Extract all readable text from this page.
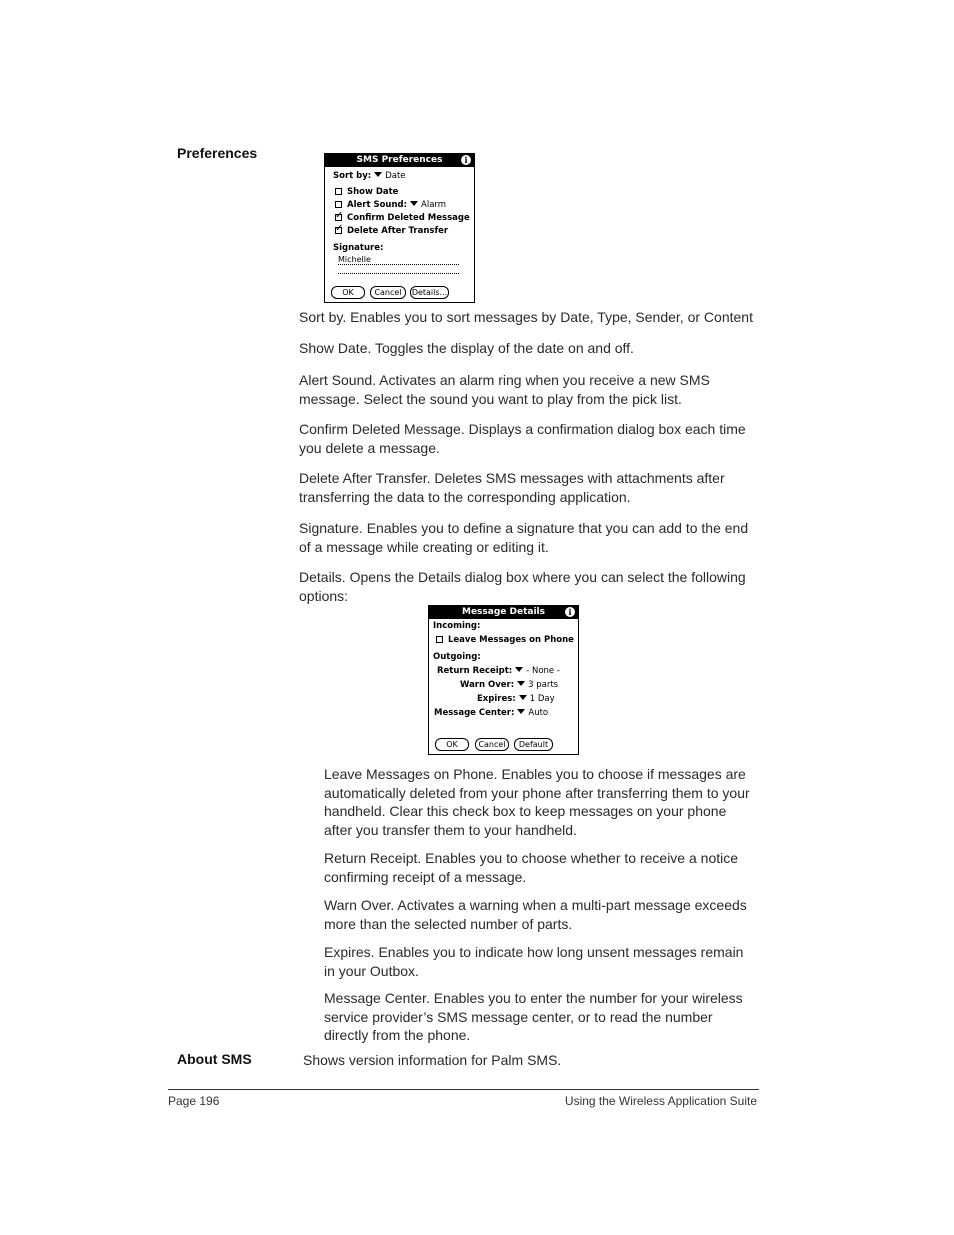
Preferences	SMS Preferences	i
Sort by: Date
Show Date
Alert Sound: Alarm
✓Confirm Deleted Message
✓Delete After Transfer
Signature:
Michelle
OK	Cancel	Details...
Sort by. Enables you to sort messages by Date, Type, Sender, or Content
Show Date. Toggles the display of the date on and off.
Alert Sound. Activates an alarm ring when you receive a new SMS message. Select the sound you want to play from the pick list.
Confirm Deleted Message. Displays a confirmation dialog box each time you delete a message.
Delete After Transfer. Deletes SMS messages with attachments after transferring the data to the corresponding application.
Signature. Enables you to define a signature that you can add to the end of a message while creating or editing it.
Details. Opens the Details dialog box where you can select the following options:
Message Details	i
Incoming:
Leave Messages on Phone
Outgoing:
Return Receipt: - None -
Warn Over: 3 parts
Expires: 1 Day
Message Center: Auto
OK	Cancel	Default
Leave Messages on Phone. Enables you to choose if messages are automatically deleted from your phone after transferring them to your handheld. Clear this check box to keep messages on your phone after you transfer them to your handheld.
Return Receipt. Enables you to choose whether to receive a notice confirming receipt of a message.
Warn Over. Activates a warning when a multi-part message exceeds more than the selected number of parts.
Expires. Enables you to indicate how long unsent messages remain in your Outbox.
Message Center. Enables you to enter the number for your wireless service provider’s SMS message center, or to read the number directly from the phone.
About SMS	Shows version information for Palm SMS.
Page 196	Using the Wireless Application Suite
